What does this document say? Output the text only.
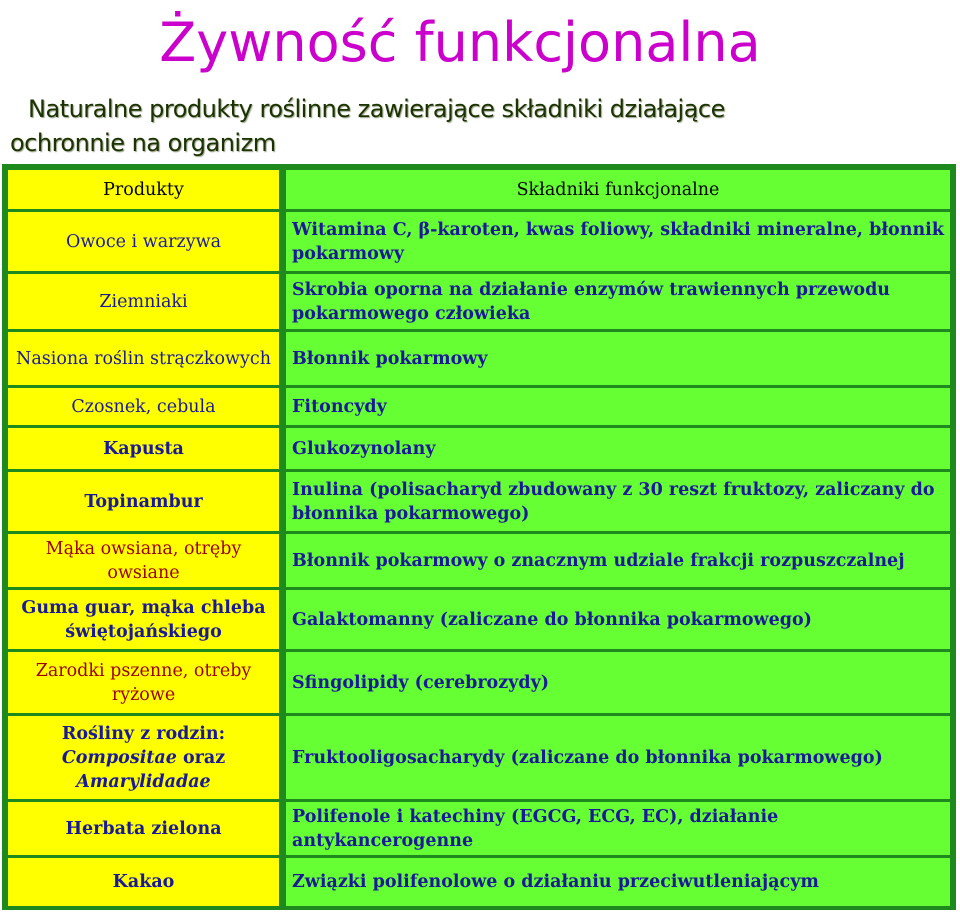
Żywność funkcjonalna
Naturalne produkty roślinne zawierające składniki działające
ochronnie na organizm
Produkty	Składniki funkcjonalne

Owoce i warzywa	Witamina C, β-karoten, kwas foliowy, składniki mineralne, błonnik pokarmowy

Ziemniaki	Skrobia oporna na działanie enzymów trawiennych przewodu pokarmowego człowieka

Nasiona roślin strączkowych	Błonnik pokarmowy

Czosnek, cebula	Fitoncydy

Kapusta	Glukozynolany

Topinambur	Inulina (polisacharyd zbudowany z 30 reszt fruktozy, zaliczany do błonnika pokarmowego)

Mąka owsiana, otręby owsiane	Błonnik pokarmowy o znacznym udziale frakcji rozpuszczalnej

Guma guar, mąka chleba świętojańskiego	Galaktomanny (zaliczane do błonnika pokarmowego)

Zarodki pszenne, otreby ryżowe	Sfingolipidy (cerebrozydy)

Rośliny z rodzin:
Compositae oraz
Amarylidadae	Fruktooligosacharydy (zaliczane do błonnika pokarmowego)

Herbata zielona	Polifenole i katechiny (EGCG, ECG, EC), działanie antykancerogenne

Kakao	Związki polifenolowe o działaniu przeciwutleniającym
